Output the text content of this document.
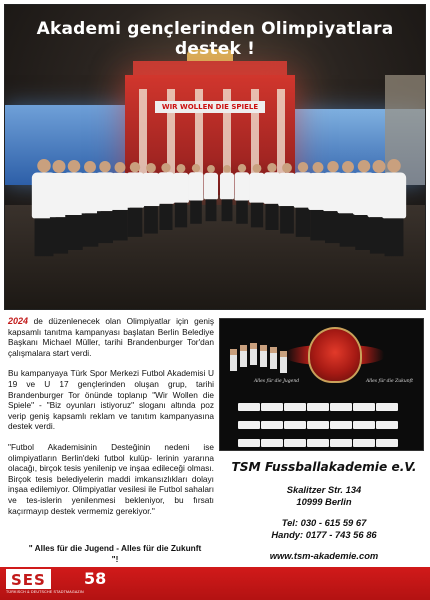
WIR WOLLEN DIE SPIELE
Akademi gençlerinden Olimpiyatlara destek !

2024 de düzenlenecek olan Olimpiyatlar için geniş kapsamlı tanıtma kampanyası başlatan Berlin Belediye Başkanı Michael Müller, tarihi Brandenburger Tor'dan çalışmalara start verdi.

Bu kampanyaya Türk Spor Merkezi Futbol Akademisi U 19 ve U 17 gençlerinden oluşan grup, tarihi Brandenburger Tor önünde toplanıp "Wir Wollen die Spiele" - "Biz oyunları istiyoruz" sloganı altında poz verip geniş kapsamlı reklam ve tanıtım kampanyasına destek verdi.

"Futbol Akademisinin Desteğinin nedeni ise olimpiyatların Berlin'deki futbol kulüp- lerinin yararına olacağı, birçok tesis yenilenip ve inşaa edileceği olması. Birçok tesis belediyelerin maddi imkansızlıkları dolayı inşaa edilemiyor. Olimpiyatlar vesilesi ile Futbol sahaları ve tes-islerin yenilenmesi bekleniyor, bu fırsatı kaçırmayıp destek vermemiz gerekiyor."

" Alles für die Jugend - Alles für die Zukunft
"!
Alles für die Jugend	Alles für die Zukunft

TSM Fussballakademie e.V.
Skalitzer Str. 134
10999 Berlin
Tel: 030 - 615 59 67
Handy: 0177 - 743 56 86
www.tsm-akademie.com
SES
TÜRKISCH & DEUTSCHE STADTMAGAZIN
58
